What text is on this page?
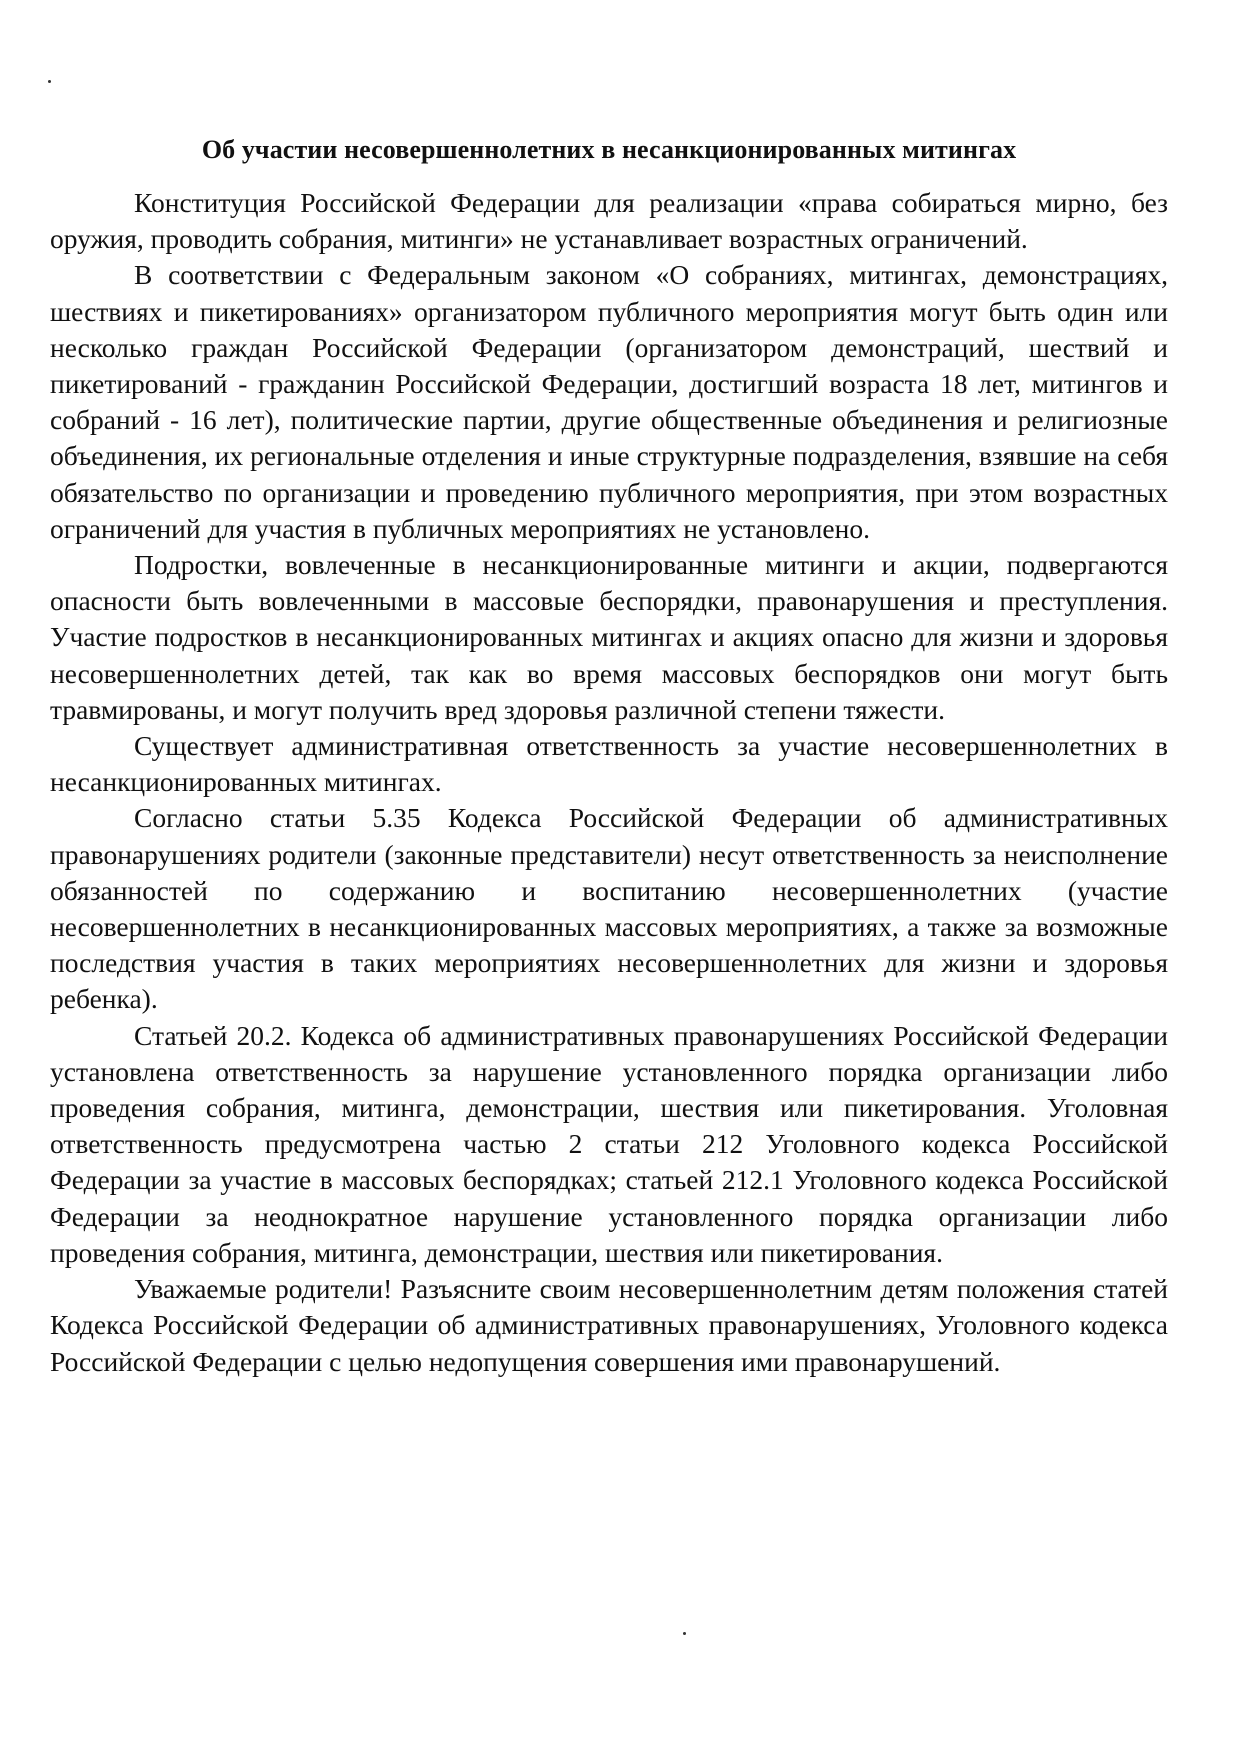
Об участии несовершеннолетних в несанкционированных митингах

Конституция Российской Федерации для реализации «права собираться мирно, без оружия, проводить собрания, митинги» не устанавливает возрастных ограничений.

В соответствии с Федеральным законом «О собраниях, митингах, демонстрациях, шествиях и пикетированиях» организатором публичного мероприятия могут быть один или несколько граждан Российской Федерации (организатором демонстраций, шествий и пикетирований - гражданин Российской Федерации, достигший возраста 18 лет, митингов и собраний - 16 лет), политические партии, другие общественные объединения и религиозные объединения, их региональные отделения и иные структурные подразделения, взявшие на себя обязательство по организации и проведению публичного мероприятия, при этом возрастных ограничений для участия в публичных мероприятиях не установлено.

Подростки, вовлеченные в несанкционированные митинги и акции, подвергаются опасности быть вовлеченными в массовые беспорядки, правонарушения и преступления. Участие подростков в несанкционированных митингах и акциях опасно для жизни и здоровья несовершеннолетних детей, так как во время массовых беспорядков они могут быть травмированы, и могут получить вред здоровья различной степени тяжести.

Существует административная ответственность за участие несовершеннолетних в несанкционированных митингах.

Согласно статьи 5.35 Кодекса Российской Федерации об административных правонарушениях родители (законные представители) несут ответственность за неисполнение обязанностей по содержанию и воспитанию несовершеннолетних (участие несовершеннолетних в несанкционированных массовых мероприятиях, а также за возможные последствия участия в таких мероприятиях несовершеннолетних для жизни и здоровья ребенка).

Статьей 20.2. Кодекса об административных правонарушениях Российской Федерации установлена ответственность за нарушение установленного порядка организации либо проведения собрания, митинга, демонстрации, шествия или пикетирования. Уголовная ответственность предусмотрена частью 2 статьи 212 Уголовного кодекса Российской Федерации за участие в массовых беспорядках; статьей 212.1 Уголовного кодекса Российской Федерации за неоднократное нарушение установленного порядка организации либо проведения собрания, митинга, демонстрации, шествия или пикетирования.

Уважаемые родители! Разъясните своим несовершеннолетним детям положения статей Кодекса Российской Федерации об административных правонарушениях, Уголовного кодекса Российской Федерации с целью недопущения совершения ими правонарушений.
